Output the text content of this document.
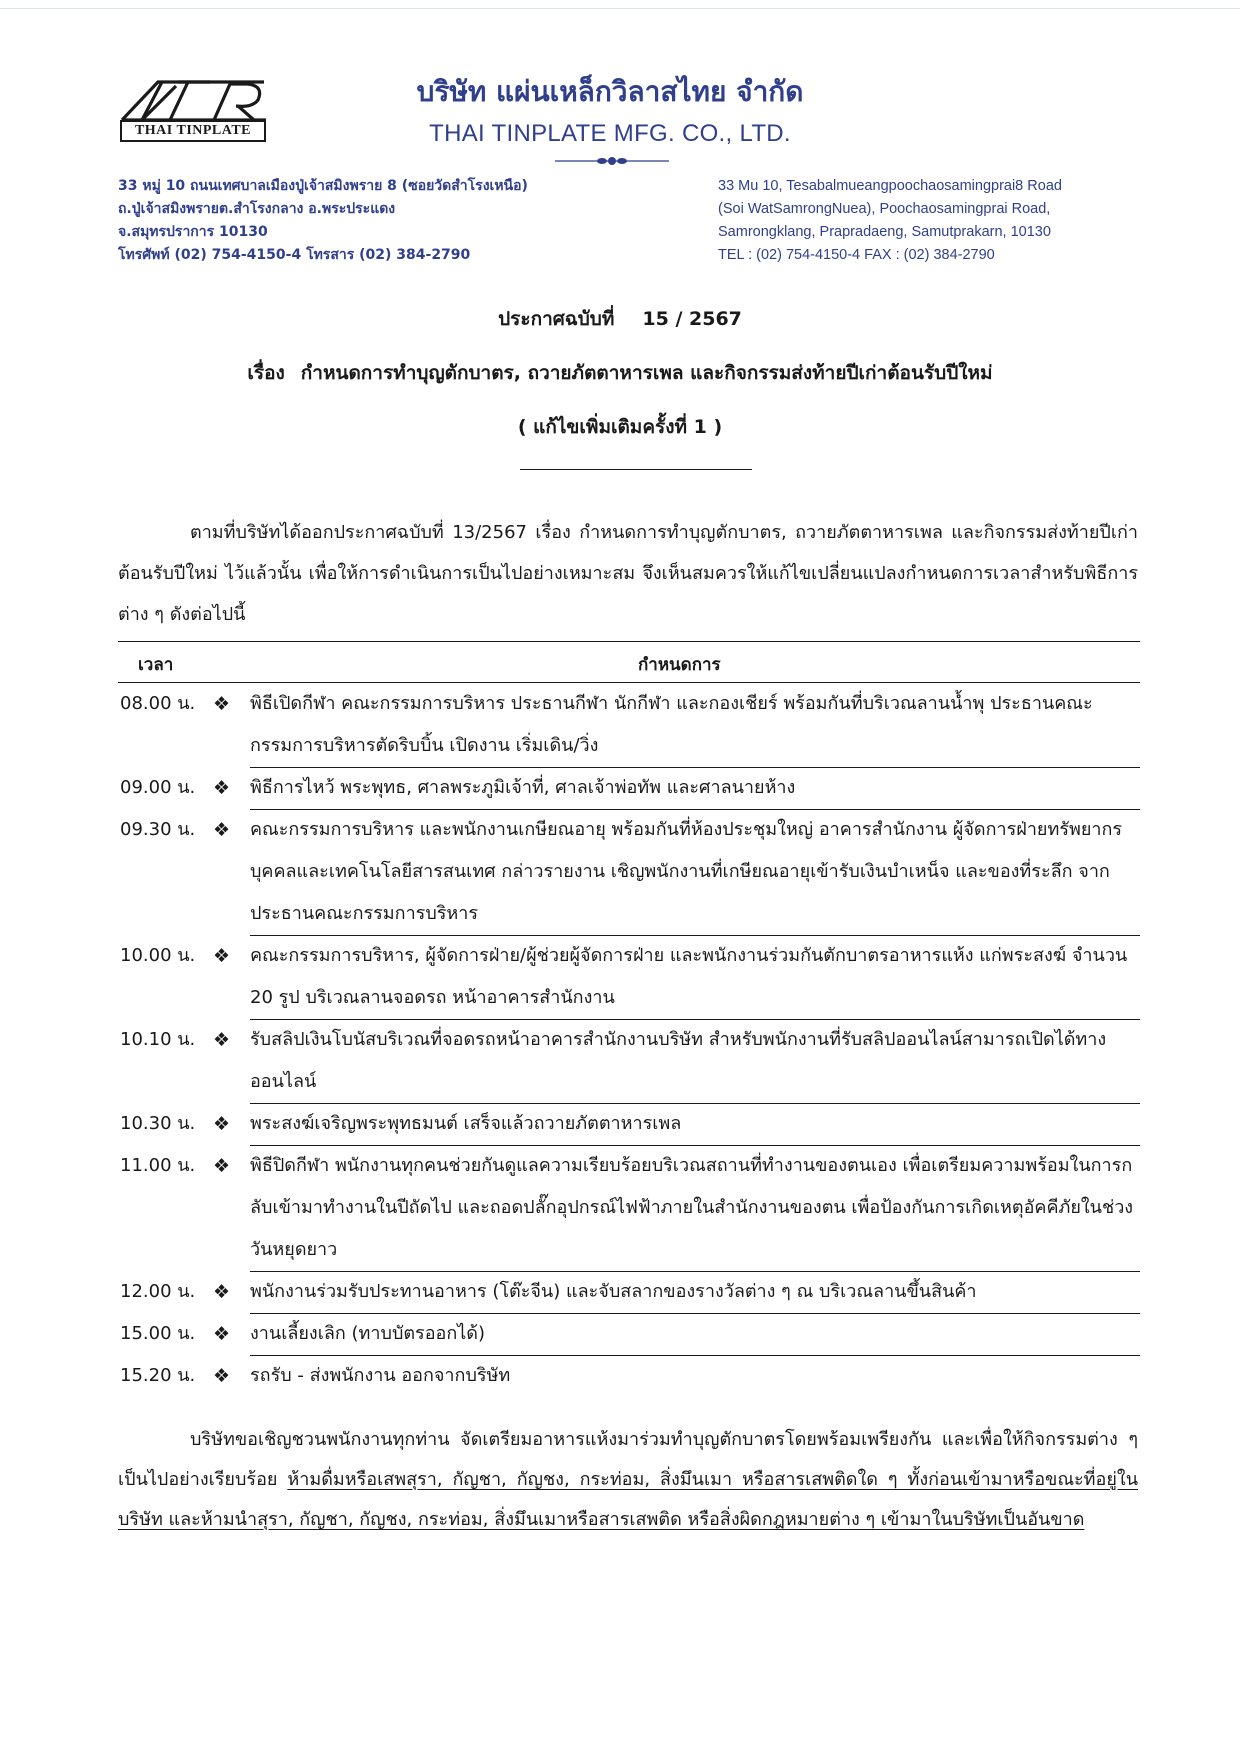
THAI TINPLATE
บริษัท แผ่นเหล็กวิลาสไทย จำกัด
THAI TINPLATE MFG. CO., LTD.
33 หมู่ 10 ถนนเทศบาลเมืองปู่เจ้าสมิงพราย 8 (ซอยวัดสำโรงเหนือ)
ถ.ปู่เจ้าสมิงพรายต.สำโรงกลาง อ.พระประแดง
จ.สมุทรปราการ 10130
โทรศัพท์ (02) 754-4150-4 โทรสาร (02) 384-2790
33 Mu 10, Tesabalmueangpoochaosamingprai8 Road
(Soi WatSamrongNuea), Poochaosamingprai Road,
Samrongklang, Prapradaeng, Samutprakarn, 10130
TEL : (02) 754-4150-4 FAX : (02) 384-2790
ประกาศฉบับที่ 15 / 2567
เรื่อง กำหนดการทำบุญตักบาตร, ถวายภัตตาหารเพล และกิจกรรมส่งท้ายปีเก่าต้อนรับปีใหม่
( แก้ไขเพิ่มเติมครั้งที่ 1 )
ตามที่บริษัทได้ออกประกาศฉบับที่ 13/2567 เรื่อง กำหนดการทำบุญตักบาตร, ถวายภัตตาหารเพล และกิจกรรมส่งท้ายปีเก่าต้อนรับปีใหม่ ไว้แล้วนั้น เพื่อให้การดำเนินการเป็นไปอย่างเหมาะสม จึงเห็นสมควรให้แก้ไขเปลี่ยนแปลงกำหนดการเวลาสำหรับพิธีการต่าง ๆ ดังต่อไปนี้
เวลา	กำหนดการ
08.00 น. ❖	พิธีเปิดกีฬา คณะกรรมการบริหาร ประธานกีฬา นักกีฬา และกองเชียร์ พร้อมกันที่บริเวณลานน้ำพุ ประธานคณะกรรมการบริหารตัดริบบิ้น เปิดงาน เริ่มเดิน/วิ่ง
09.00 น. ❖	พิธีการไหว้ พระพุทธ, ศาลพระภูมิเจ้าที่, ศาลเจ้าพ่อทัพ และศาลนายห้าง
09.30 น. ❖	คณะกรรมการบริหาร และพนักงานเกษียณอายุ พร้อมกันที่ห้องประชุมใหญ่ อาคารสำนักงาน ผู้จัดการฝ่ายทรัพยากรบุคคลและเทคโนโลยีสารสนเทศ กล่าวรายงาน เชิญพนักงานที่เกษียณอายุเข้ารับเงินบำเหน็จ และของที่ระลึก จากประธานคณะกรรมการบริหาร
10.00 น. ❖	คณะกรรมการบริหาร, ผู้จัดการฝ่าย/ผู้ช่วยผู้จัดการฝ่าย และพนักงานร่วมกันตักบาตรอาหารแห้ง แก่พระสงฆ์ จำนวน 20 รูป บริเวณลานจอดรถ หน้าอาคารสำนักงาน
10.10 น. ❖	รับสลิปเงินโบนัสบริเวณที่จอดรถหน้าอาคารสำนักงานบริษัท สำหรับพนักงานที่รับสลิปออนไลน์สามารถเปิดได้ทางออนไลน์
10.30 น. ❖	พระสงฆ์เจริญพระพุทธมนต์ เสร็จแล้วถวายภัตตาหารเพล
11.00 น. ❖	พิธีปิดกีฬา พนักงานทุกคนช่วยกันดูแลความเรียบร้อยบริเวณสถานที่ทำงานของตนเอง เพื่อเตรียมความพร้อมในการกลับเข้ามาทำงานในปีถัดไป และถอดปลั๊กอุปกรณ์ไฟฟ้าภายในสำนักงานของตน เพื่อป้องกันการเกิดเหตุอัคคีภัยในช่วงวันหยุดยาว
12.00 น. ❖	พนักงานร่วมรับประทานอาหาร (โต๊ะจีน) และจับสลากของรางวัลต่าง ๆ ณ บริเวณลานขึ้นสินค้า
15.00 น. ❖	งานเลี้ยงเลิก (ทาบบัตรออกได้)
15.20 น. ❖	รถรับ - ส่งพนักงาน ออกจากบริษัท
บริษัทขอเชิญชวนพนักงานทุกท่าน จัดเตรียมอาหารแห้งมาร่วมทำบุญตักบาตรโดยพร้อมเพรียงกัน และเพื่อให้กิจกรรมต่าง ๆ เป็นไปอย่างเรียบร้อย ห้ามดื่มหรือเสพสุรา, กัญชา, กัญชง, กระท่อม, สิ่งมึนเมา หรือสารเสพติดใด ๆ ทั้งก่อนเข้ามาหรือขณะที่อยู่ในบริษัท และห้ามนำสุรา, กัญชา, กัญชง, กระท่อม, สิ่งมึนเมาหรือสารเสพติด หรือสิ่งผิดกฎหมายต่าง ๆ เข้ามาในบริษัทเป็นอันขาด
